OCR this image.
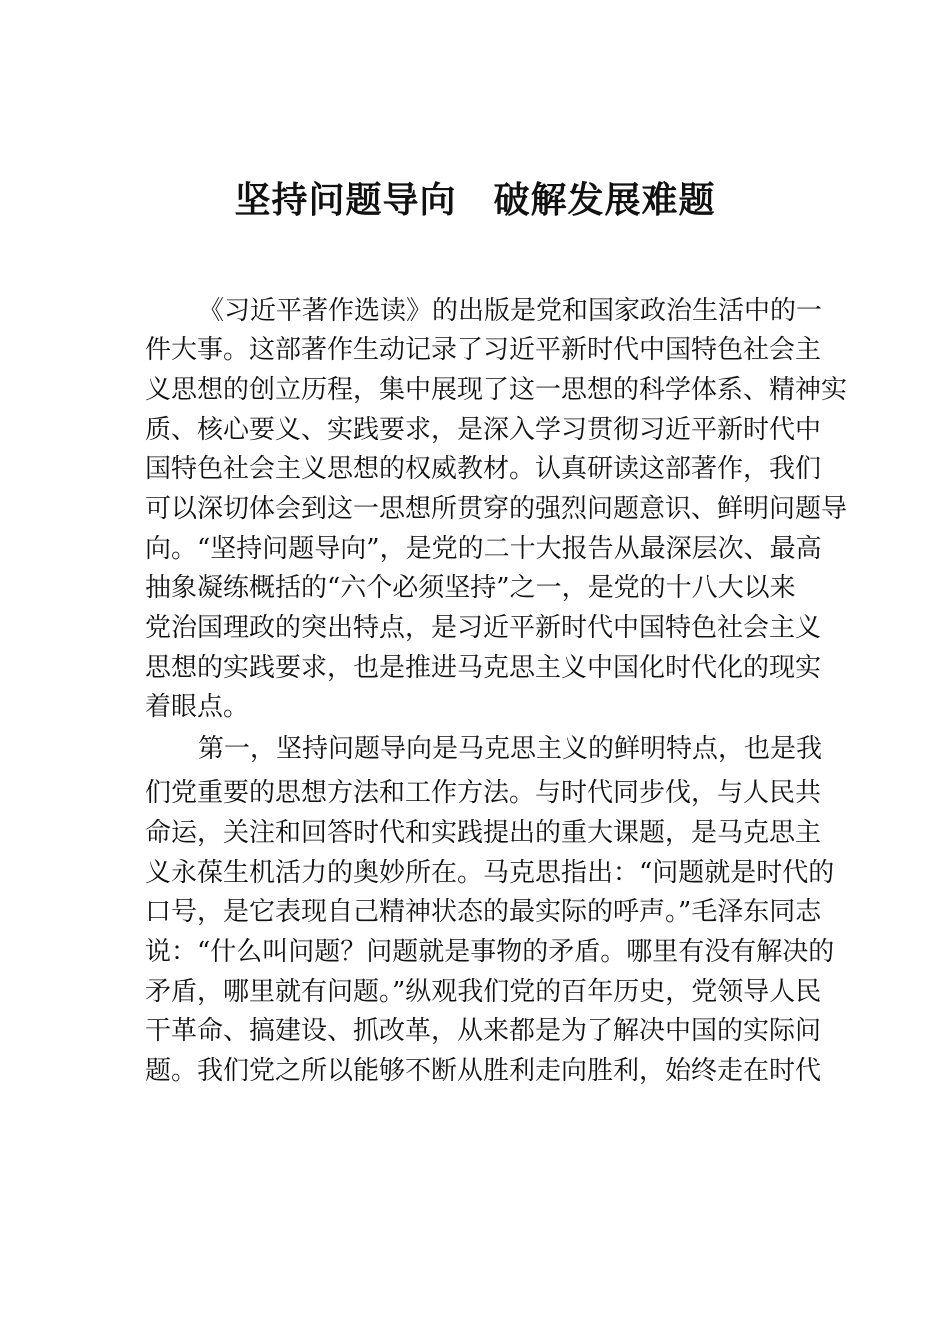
坚持问题导向　破解发展难题

《习近平著作选读》的出版是党和国家政治生活中的一

件大事。这部著作生动记录了习近平新时代中国特色社会主

义思想的创立历程，集中展现了这一思想的科学体系、精神实

质、核心要义、实践要求，是深入学习贯彻习近平新时代中

国特色社会主义思想的权威教材。认真研读这部著作，我们

可以深切体会到这一思想所贯穿的强烈问题意识、鲜明问题导

向。“坚持问题导向”，是党的二十大报告从最深层次、最高

抽象凝练概括的“六个必须坚持”之一，是党的十八大以来

党治国理政的突出特点，是习近平新时代中国特色社会主义

思想的实践要求，也是推进马克思主义中国化时代化的现实

着眼点。

第一，坚持问题导向是马克思主义的鲜明特点，也是我

们党重要的思想方法和工作方法。与时代同步伐，与人民共

命运，关注和回答时代和实践提出的重大课题，是马克思主

义永葆生机活力的奥妙所在。马克思指出：“问题就是时代的

口号，是它表现自己精神状态的最实际的呼声。”毛泽东同志

说：“什么叫问题？问题就是事物的矛盾。哪里有没有解决的

矛盾，哪里就有问题。”纵观我们党的百年历史，党领导人民

干革命、搞建设、抓改革，从来都是为了解决中国的实际问

题。我们党之所以能够不断从胜利走向胜利，始终走在时代
